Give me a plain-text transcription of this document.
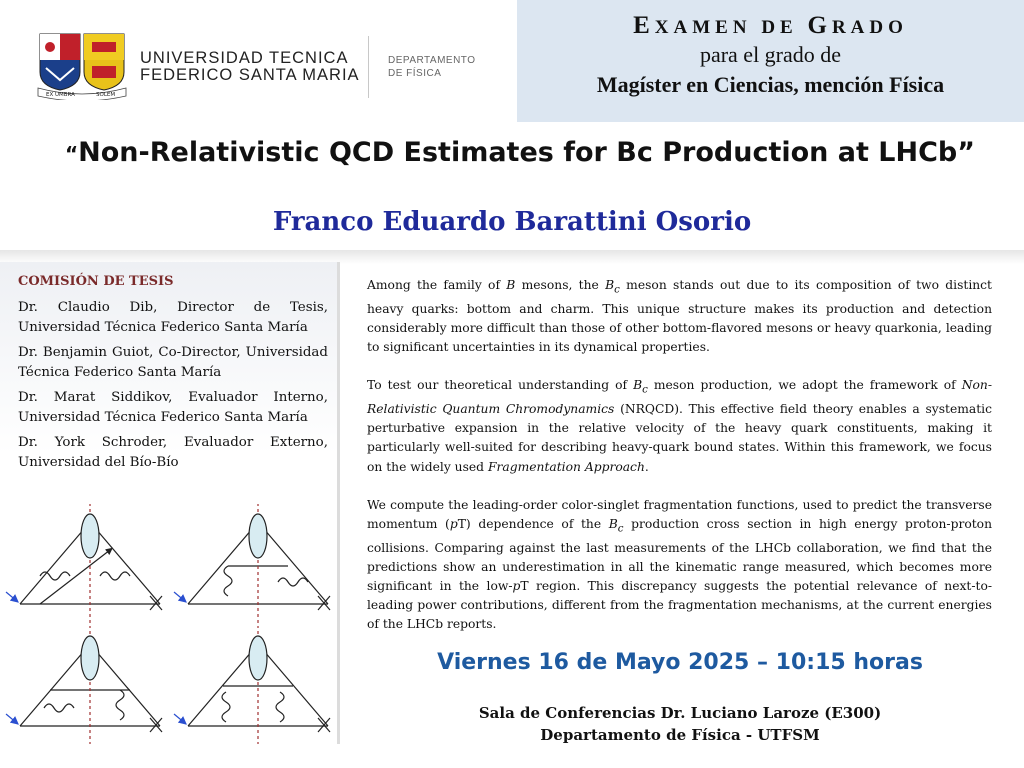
EX UMBRA	SOLEM
UNIVERSIDAD TECNICA
FEDERICO SANTA MARIA
DEPARTAMENTO
DE FÍSICA
EXAMEN DE GRADO
para el grado de
Magíster en Ciencias, mención Física
“Non-Relativistic QCD Estimates for Bc Production at LHCb”
Franco Eduardo Barattini Osorio
COMISIÓN DE TESIS
Dr. Claudio Dib, Director de Tesis, Universidad Técnica Federico Santa María
Dr. Benjamin Guiot, Co-Director, Universidad Técnica Federico Santa María
Dr. Marat Siddikov, Evaluador Interno, Universidad Técnica Federico Santa María
Dr. York Schroder, Evaluador Externo, Universidad del Bío-Bío

Among the family of B mesons, the $B_c$ meson stands out due to its composition of two distinct heavy quarks: bottom and charm. This unique structure makes its production and detection considerably more difficult than those of other bottom-flavored mesons or heavy quarkonia, leading to significant uncertainties in its dynamical properties.

To test our theoretical understanding of $B_c$ meson production, we adopt the framework of Non-Relativistic Quantum Chromodynamics (NRQCD). This effective field theory enables a systematic perturbative expansion in the relative velocity of the heavy quark constituents, making it particularly well-suited for describing heavy-quark bound states. Within this framework, we focus on the widely used Fragmentation Approach.

We compute the leading-order color-singlet fragmentation functions, used to predict the transverse momentum (pT) dependence of the $B_c$ production cross section in high energy proton-proton collisions. Comparing against the last measurements of the LHCb collaboration, we find that the predictions show an underestimation in all the kinematic range measured, which becomes more significant in the low-pT region. This discrepancy suggests the potential relevance of next-to-leading power contributions, different from the fragmentation mechanisms, at the current energies of the LHCb reports.

Viernes 16 de Mayo 2025 – 10:15 horas
Sala de Conferencias Dr. Luciano Laroze (E300)
Departamento de Física - UTFSM
